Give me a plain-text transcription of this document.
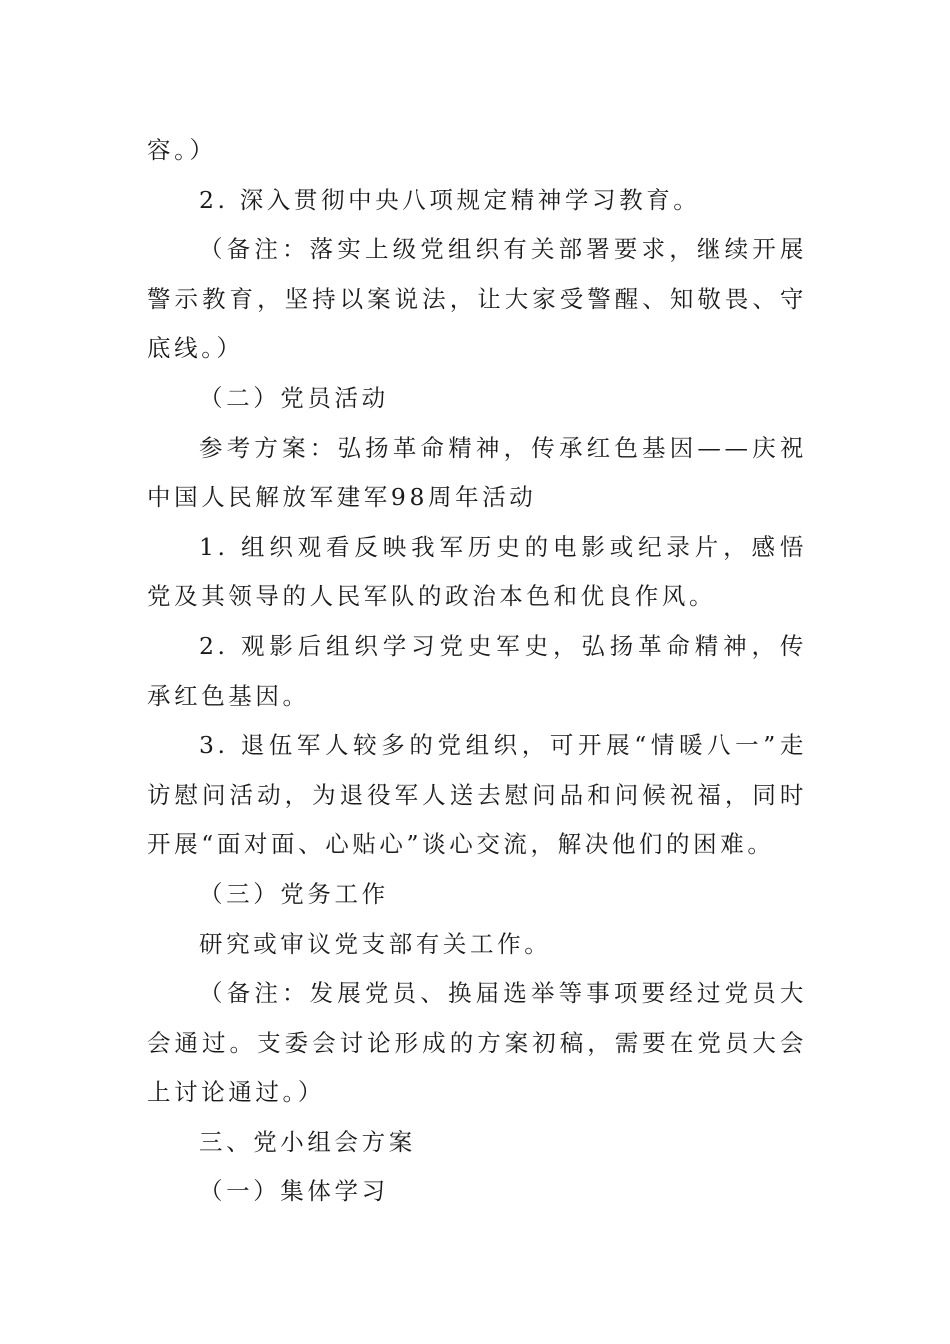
容。）

2. 深入贯彻中央八项规定精神学习教育。

（备注：落实上级党组织有关部署要求，继续开展警示教育，坚持以案说法，让大家受警醒、知敬畏、守底线。）

（二）党员活动

参考方案：弘扬革命精神，传承红色基因——庆祝中国人民解放军建军98周年活动

1. 组织观看反映我军历史的电影或纪录片，感悟党及其领导的人民军队的政治本色和优良作风。

2. 观影后组织学习党史军史，弘扬革命精神，传承红色基因。

3. 退伍军人较多的党组织，可开展“情暖八一”走访慰问活动，为退役军人送去慰问品和问候祝福，同时开展“面对面、心贴心”谈心交流，解决他们的困难。

（三）党务工作

研究或审议党支部有关工作。

（备注：发展党员、换届选举等事项要经过党员大会通过。支委会讨论形成的方案初稿，需要在党员大会上讨论通过。）

三、党小组会方案

（一）集体学习
